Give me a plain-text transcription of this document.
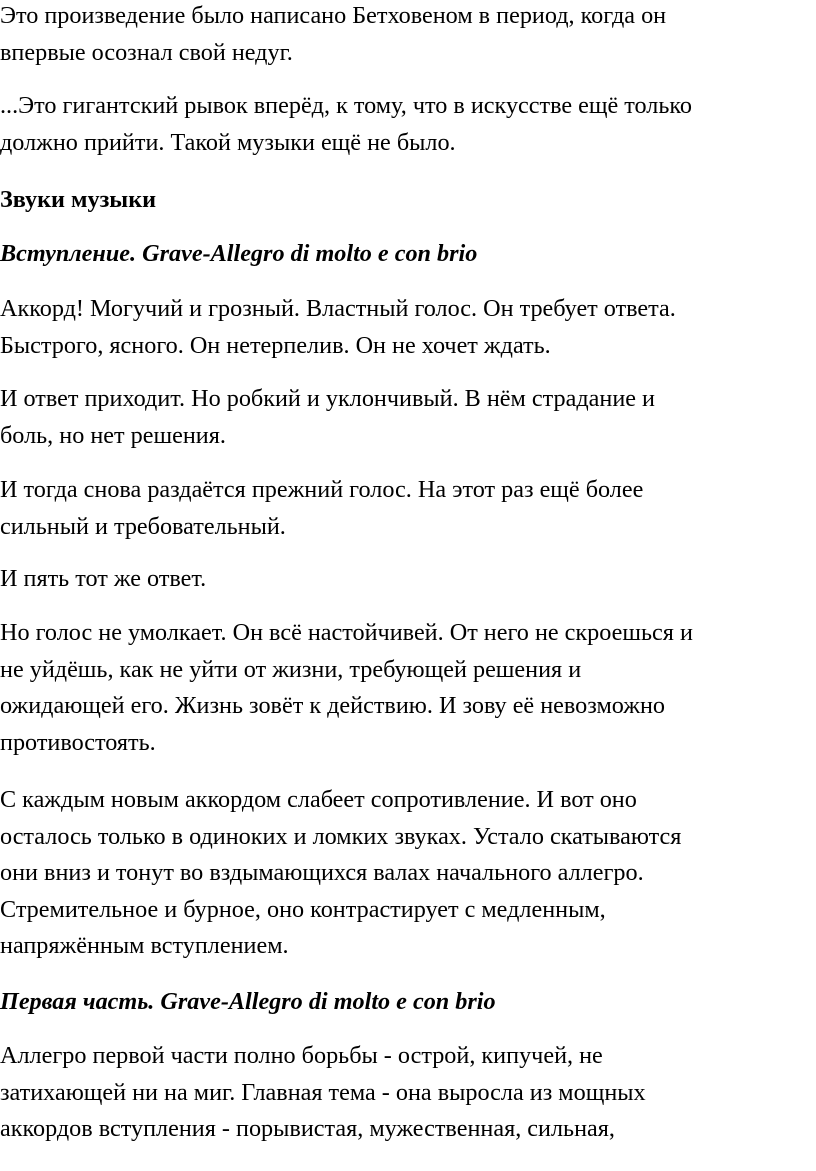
Это произведение было написано Бетховеном в период, когда он
впервые осознал свой недуг.

...Это гигантский рывок вперёд, к тому, что в искусстве ещё только
должно прийти. Такой музыки ещё не было.

Звуки музыки

Вступление. Grave-Allegro di molto e con brio

Аккорд! Могучий и грозный. Властный голос. Он требует ответа.
Быстрого, ясного. Он нетерпелив. Он не хочет ждать.

И ответ приходит. Но робкий и уклончивый. В нём страдание и
боль, но нет решения.

И тогда снова раздаётся прежний голос. На этот раз ещё более
сильный и требовательный.

И пять тот же ответ.

Но голос не умолкает. Он всё настойчивей. От него не скроешься и
не уйдёшь, как не уйти от жизни, требующей решения и
ожидающей его. Жизнь зовёт к действию. И зову её невозможно
противостоять.

С каждым новым аккордом слабеет сопротивление. И вот оно
осталось только в одиноких и ломких звуках. Устало скатываются
они вниз и тонут во вздымающихся валах начального аллегро.
Стремительное и бурное, оно контрастирует с медленным,
напряжённым вступлением.

Первая часть. Grave-Allegro di molto e con brio

Аллегро первой части полно борьбы - острой, кипучей, не
затихающей ни на миг. Главная тема - она выросла из мощных
аккордов вступления - порывистая, мужественная, сильная,
